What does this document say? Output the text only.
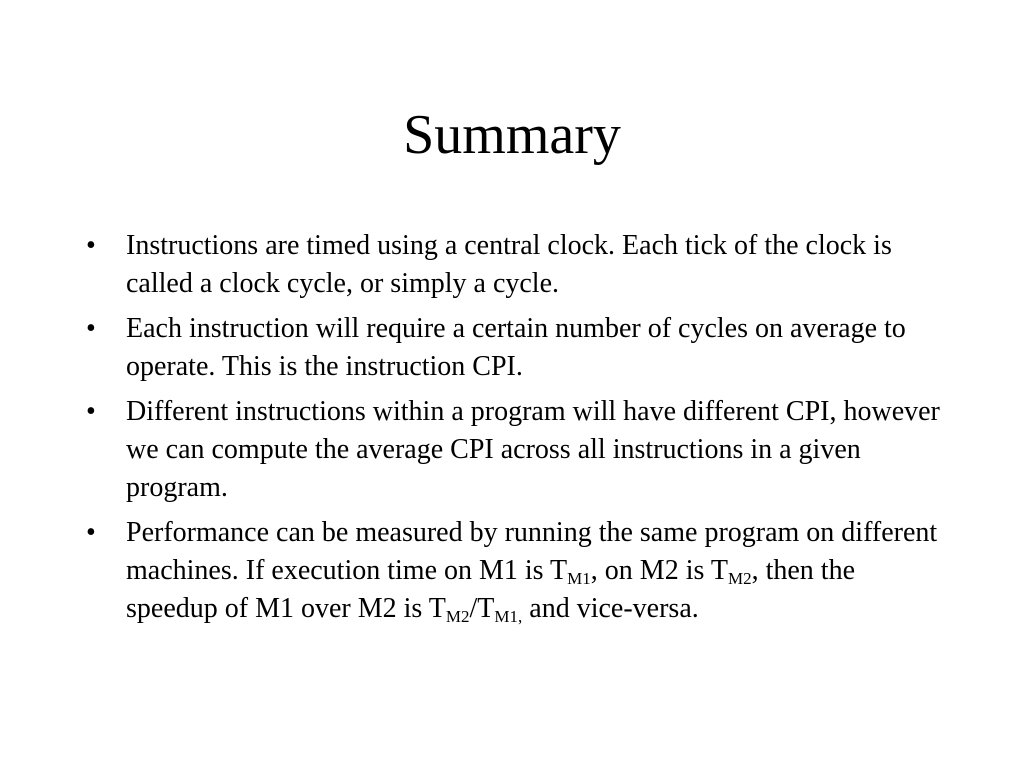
Summary
•	Instructions are timed using a central clock. Each tick of the clock is called a clock cycle, or simply a cycle.
•	Each instruction will require a certain number of cycles on average to operate. This is the instruction CPI.
•	Different instructions within a program will have different CPI, however we can compute the average CPI across all instructions in a given program.
•	Performance can be measured by running the same program on different machines. If execution time on M1 is $T_{M1}$, on M2 is $T_{M2}$, then the speedup of M1 over M2 is $T_{M2}/T_{M1,}$ and vice-versa.
